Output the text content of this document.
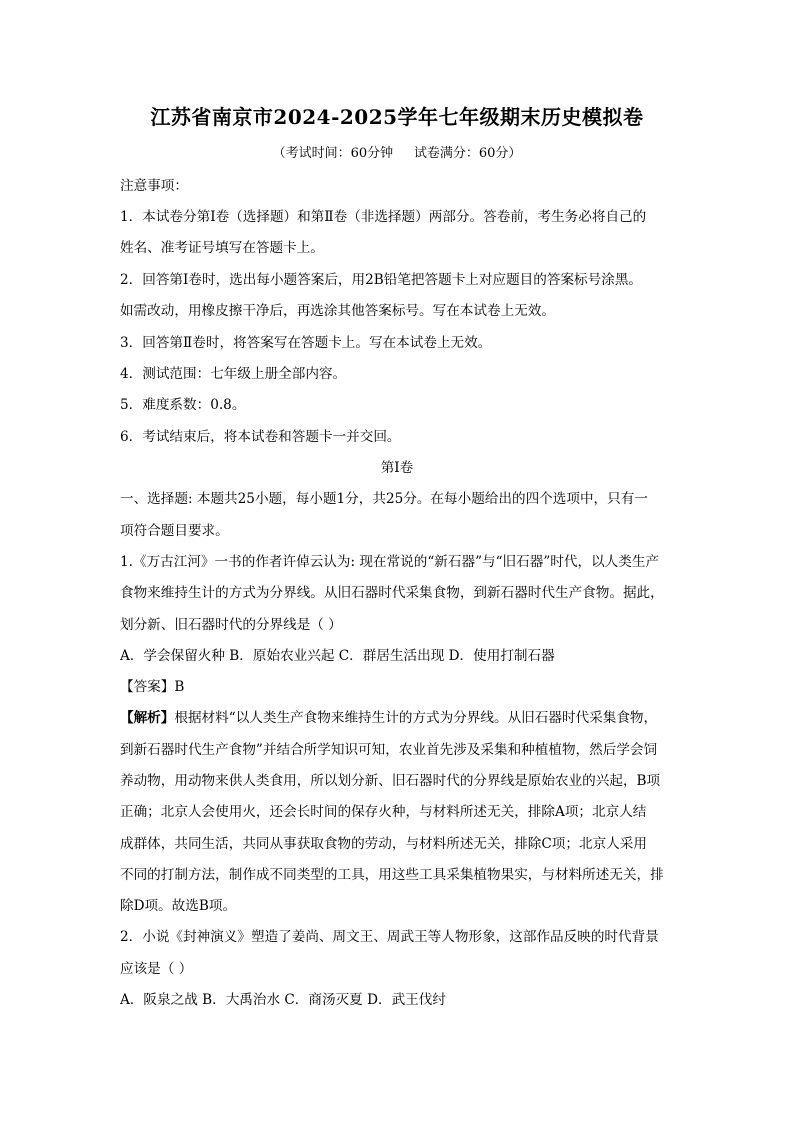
江苏省南京市2024-2025学年七年级期末历史模拟卷
（考试时间：60分钟     试卷满分：60分）
注意事项：
1．本试卷分第Ⅰ卷（选择题）和第Ⅱ卷（非选择题）两部分。答卷前，考生务必将自己的
姓名、准考证号填写在答题卡上。
2．回答第Ⅰ卷时，选出每小题答案后，用2B铅笔把答题卡上对应题目的答案标号涂黑。
如需改动，用橡皮擦干净后，再选涂其他答案标号。写在本试卷上无效。
3．回答第Ⅱ卷时，将答案写在答题卡上。写在本试卷上无效。
4．测试范围：七年级上册全部内容。
5．难度系数：0.8。
6．考试结束后，将本试卷和答题卡一并交回。
第Ⅰ卷
一、选择题: 本题共25小题，每小题1分，共25分。在每小题给出的四个选项中，只有一
项符合题目要求。
1.《万古江河》一书的作者许倬云认为: 现在常说的“新石器”与“旧石器”时代，以人类生产
食物来维持生计的方式为分界线。从旧石器时代采集食物，到新石器时代生产食物。据此，
划分新、旧石器时代的分界线是（ ）
A．学会保留火种 B．原始农业兴起 C．群居生活出现 D．使用打制石器
【答案】B
【解析】根据材料“以人类生产食物来维持生计的方式为分界线。从旧石器时代采集食物，
到新石器时代生产食物”并结合所学知识可知，农业首先涉及采集和种植植物，然后学会饲
养动物，用动物来供人类食用，所以划分新、旧石器时代的分界线是原始农业的兴起，B项
正确；北京人会使用火，还会长时间的保存火种，与材料所述无关，排除A项；北京人结
成群体，共同生活，共同从事获取食物的劳动，与材料所述无关，排除C项；北京人采用
不同的打制方法，制作成不同类型的工具，用这些工具采集植物果实，与材料所述无关，排
除D项。故选B项。
2．小说《封神演义》塑造了姜尚、周文王、周武王等人物形象，这部作品反映的时代背景
应该是（ ）
A．阪泉之战 B．大禹治水 C．商汤灭夏 D．武王伐纣
